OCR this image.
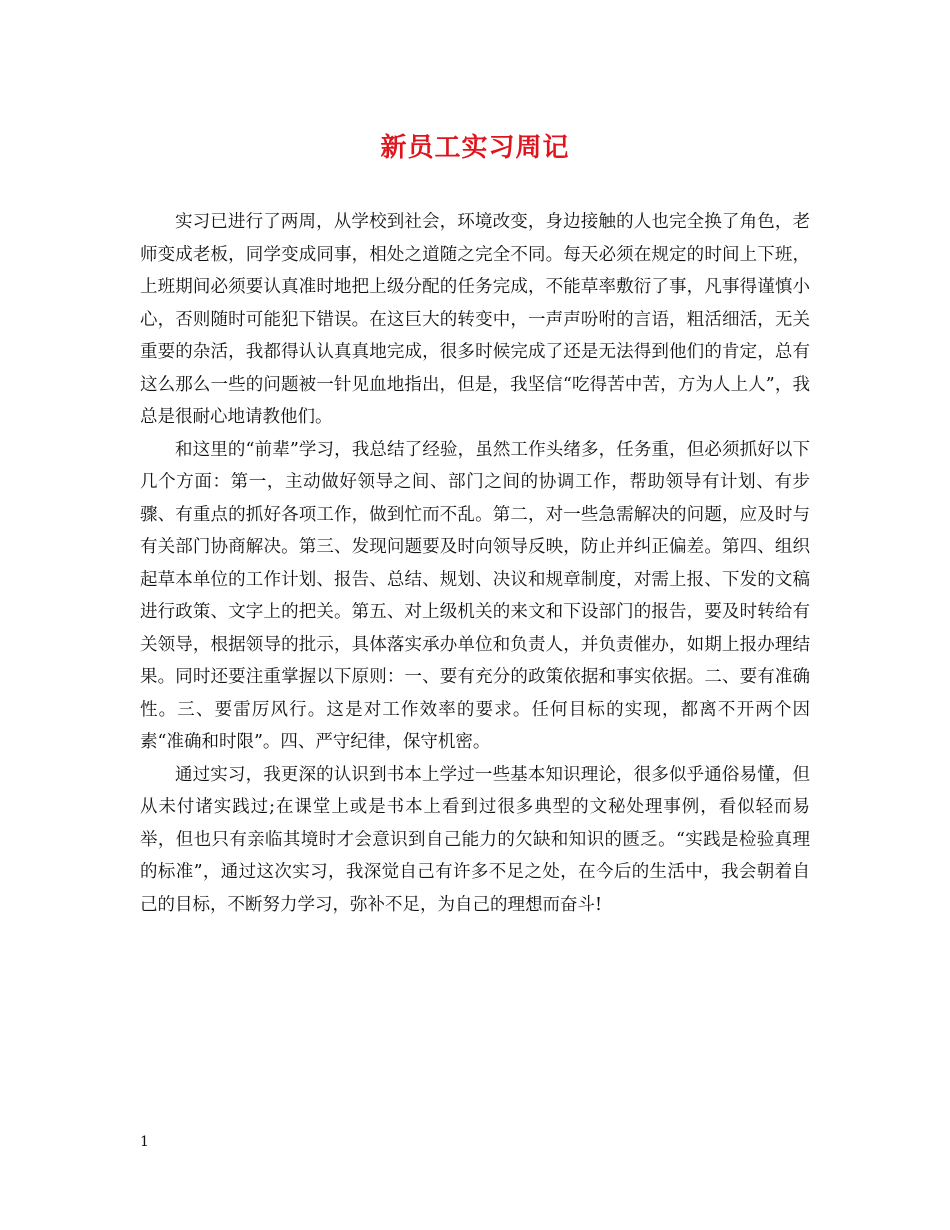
新员工实习周记

实习已进行了两周，从学校到社会，环境改变，身边接触的人也完全换了角色，老师变成老板，同学变成同事，相处之道随之完全不同。每天必须在规定的时间上下班，上班期间必须要认真准时地把上级分配的任务完成，不能草率敷衍了事，凡事得谨慎小心，否则随时可能犯下错误。在这巨大的转变中，一声声吩咐的言语，粗活细活，无关重要的杂活，我都得认认真真地完成，很多时候完成了还是无法得到他们的肯定，总有这么那么一些的问题被一针见血地指出，但是，我坚信“吃得苦中苦，方为人上人”，我总是很耐心地请教他们。

和这里的“前辈”学习，我总结了经验，虽然工作头绪多，任务重，但必须抓好以下几个方面：第一，主动做好领导之间、部门之间的协调工作，帮助领导有计划、有步骤、有重点的抓好各项工作，做到忙而不乱。第二，对一些急需解决的问题，应及时与有关部门协商解决。第三、发现问题要及时向领导反映，防止并纠正偏差。第四、组织起草本单位的工作计划、报告、总结、规划、决议和规章制度，对需上报、下发的文稿进行政策、文字上的把关。第五、对上级机关的来文和下设部门的报告，要及时转给有关领导，根据领导的批示，具体落实承办单位和负责人，并负责催办，如期上报办理结果。同时还要注重掌握以下原则：一、要有充分的政策依据和事实依据。二、要有准确性。三、要雷厉风行。这是对工作效率的要求。任何目标的实现，都离不开两个因素“准确和时限”。四、严守纪律，保守机密。

通过实习，我更深的认识到书本上学过一些基本知识理论，很多似乎通俗易懂，但从未付诸实践过;在课堂上或是书本上看到过很多典型的文秘处理事例，看似轻而易举，但也只有亲临其境时才会意识到自己能力的欠缺和知识的匮乏。“实践是检验真理的标准”，通过这次实习，我深觉自己有许多不足之处，在今后的生活中，我会朝着自己的目标，不断努力学习，弥补不足，为自己的理想而奋斗!

1
